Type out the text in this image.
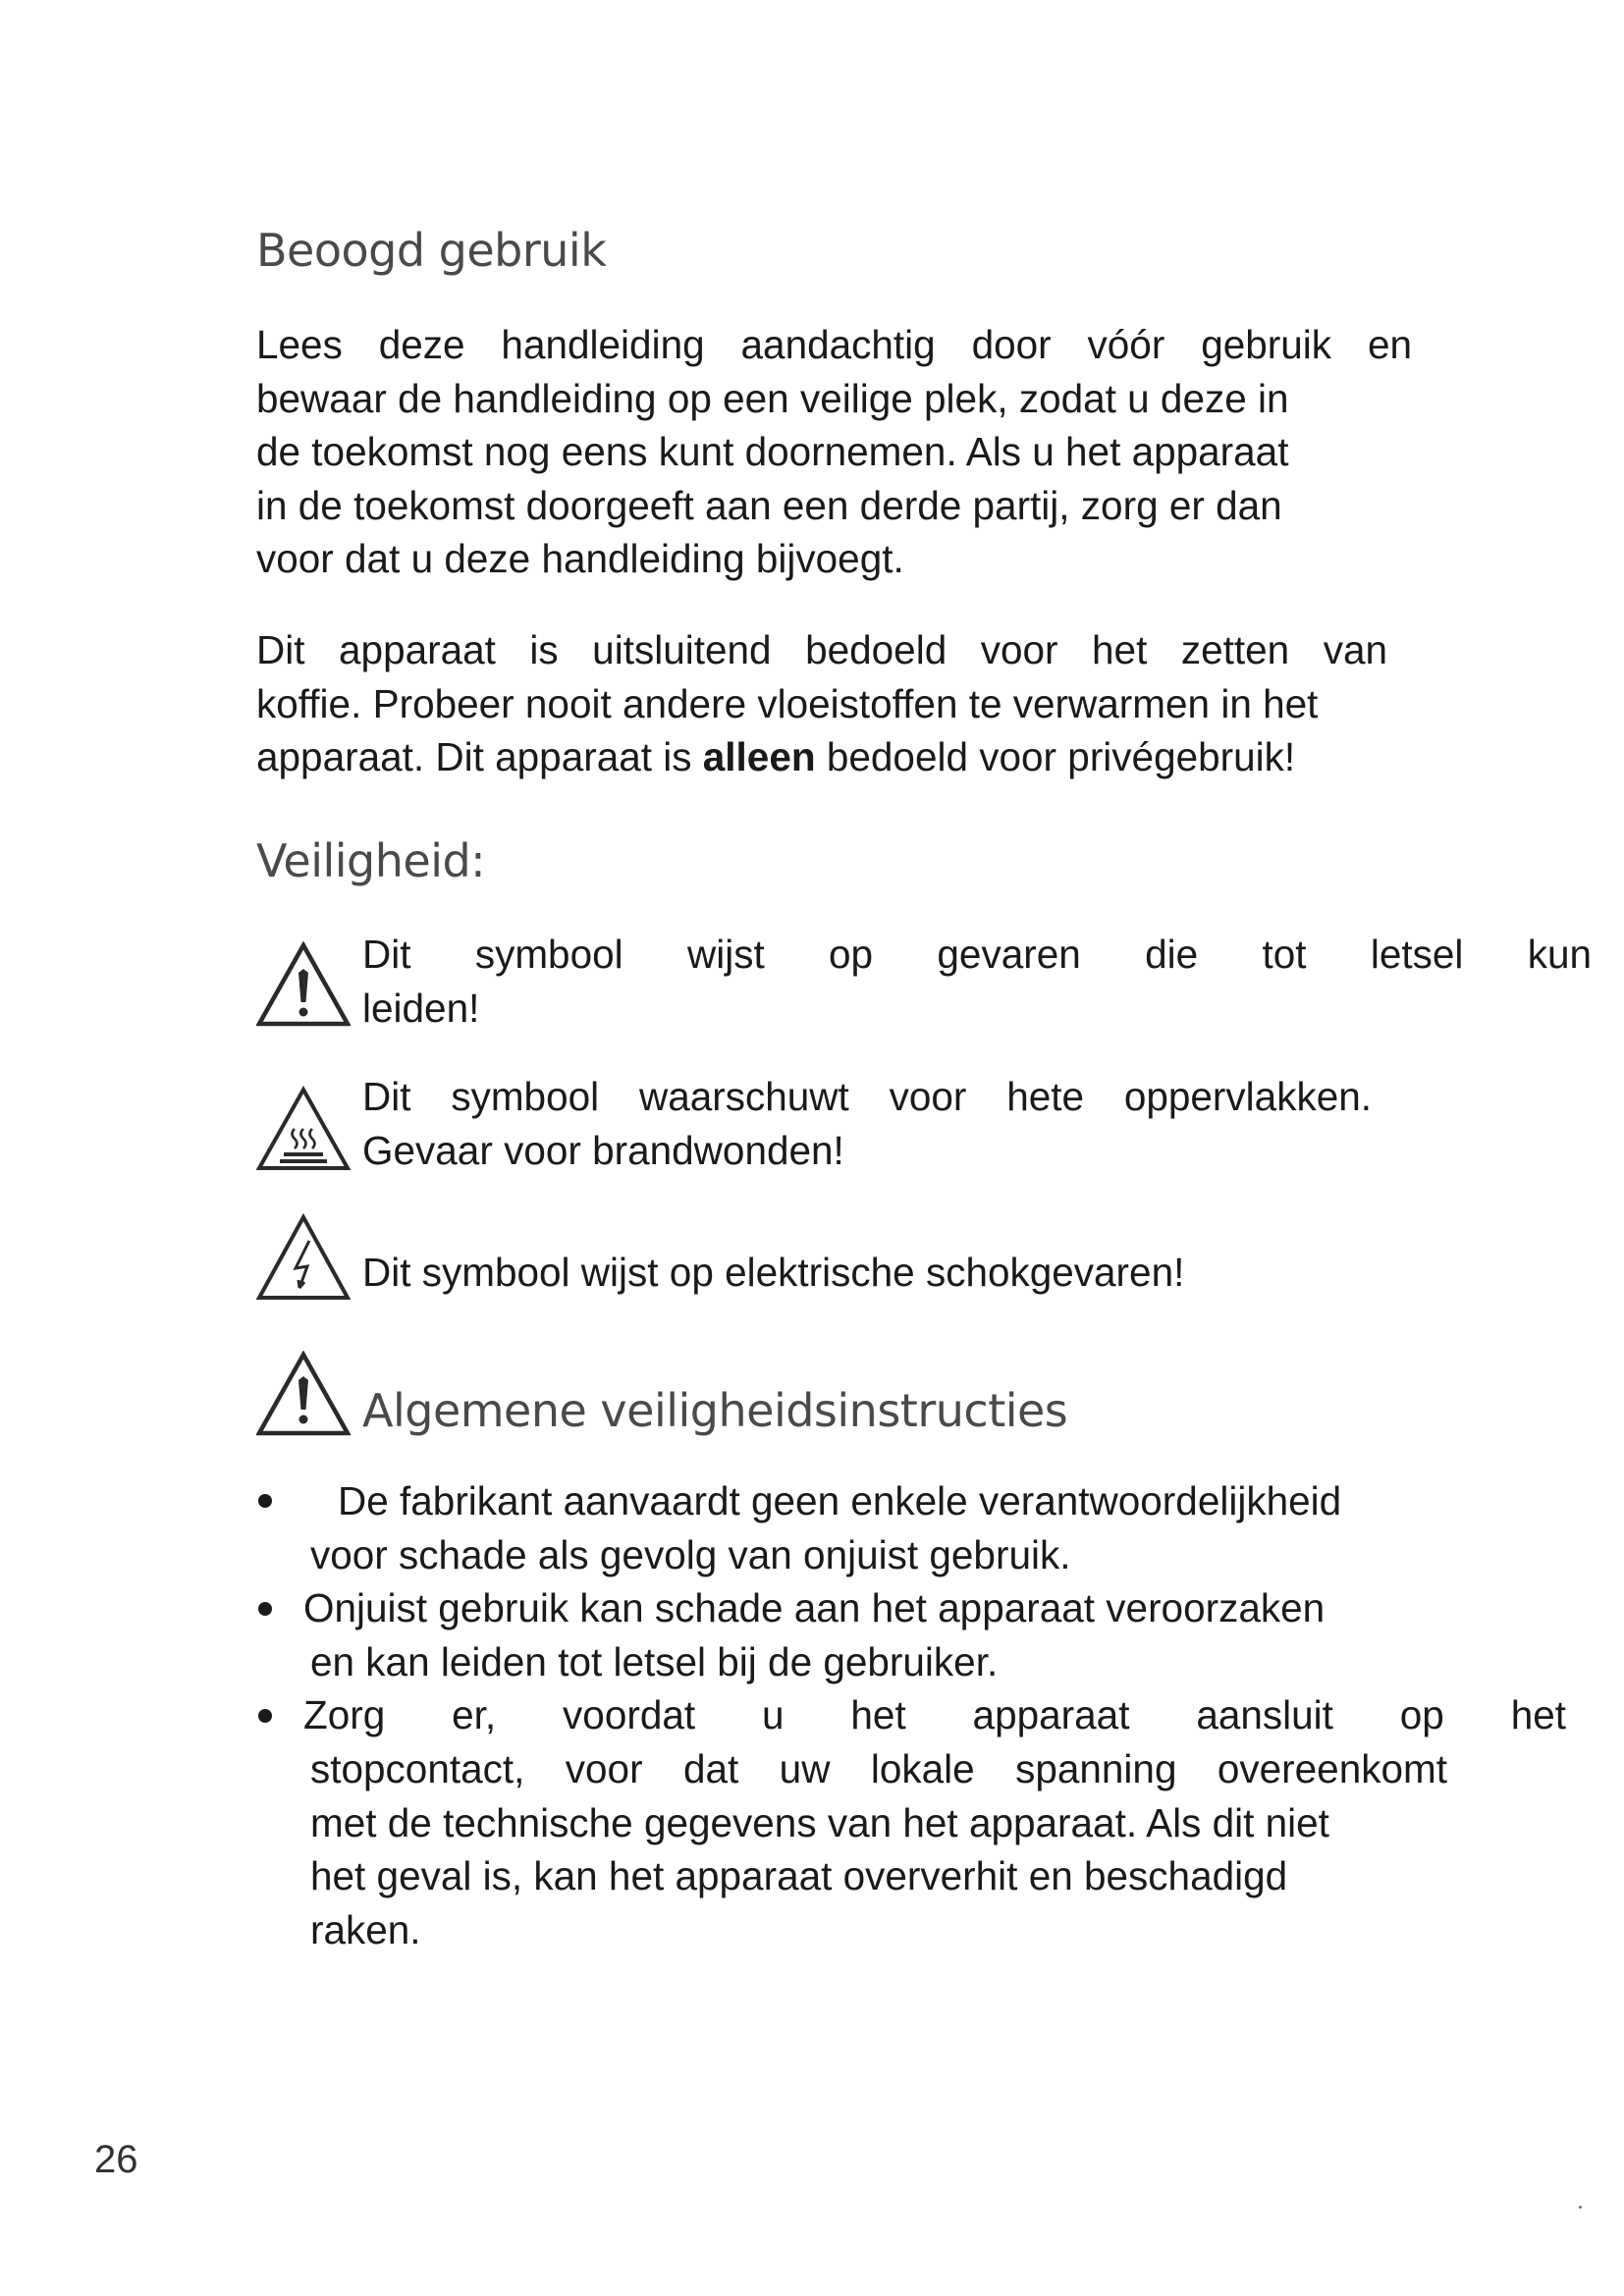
Beoogd gebruik
Lees deze handleiding aandachtig door vóór gebruik en
bewaar de handleiding op een veilige plek, zodat u deze in
de toekomst nog eens kunt doornemen. Als u het apparaat
in de toekomst doorgeeft aan een derde partij, zorg er dan
voor dat u deze handleiding bijvoegt.
Dit apparaat is uitsluitend bedoeld voor het zetten van
koffie. Probeer nooit andere vloeistoffen te verwarmen in het
apparaat. Dit apparaat is alleen bedoeld voor privégebruik!
Veiligheid:
Dit symbool wijst op gevaren die tot letsel kun
leiden!
Dit symbool waarschuwt voor hete oppervlakken.
Gevaar voor brandwonden!
Dit symbool wijst op elektrische schokgevaren!
Algemene veiligheidsinstructies
De fabrikant aanvaardt geen enkele verantwoordelijkheid
voor schade als gevolg van onjuist gebruik.
Onjuist gebruik kan schade aan het apparaat veroorzaken
en kan leiden tot letsel bij de gebruiker.
Zorg er, voordat u het apparaat aansluit op het
stopcontact, voor dat uw lokale spanning overeenkomt
met de technische gegevens van het apparaat. Als dit niet
het geval is, kan het apparaat oververhit en beschadigd
raken.

26
